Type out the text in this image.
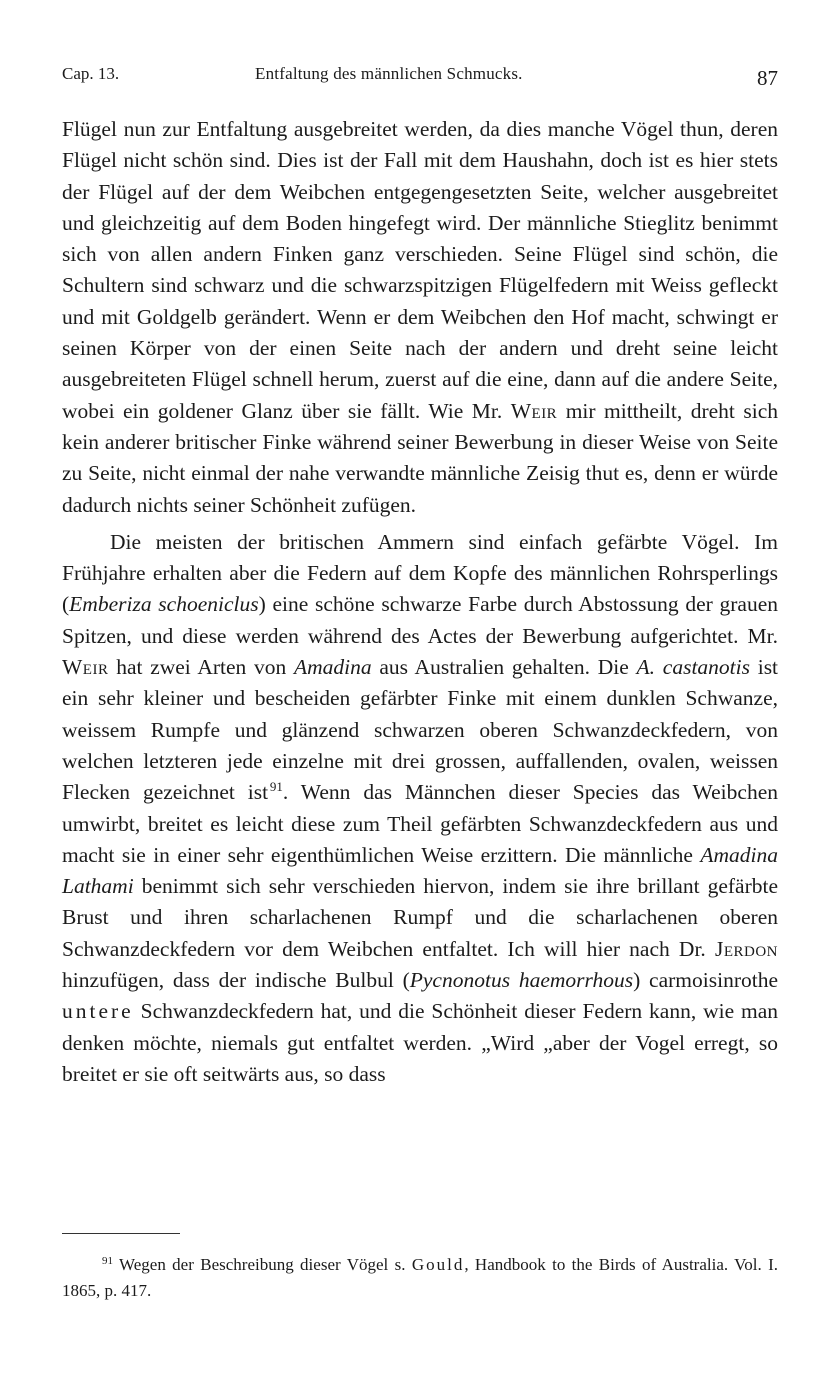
Cap. 13.	Entfaltung des männlichen Schmucks.	87

Flügel nun zur Entfaltung ausgebreitet werden, da dies manche Vögel thun, deren Flügel nicht schön sind. Dies ist der Fall mit dem Haushahn, doch ist es hier stets der Flügel auf der dem Weibchen entgegengesetzten Seite, welcher ausgebreitet und gleichzeitig auf dem Boden hingefegt wird. Der männliche Stieglitz benimmt sich von allen andern Finken ganz verschieden. Seine Flügel sind schön, die Schultern sind schwarz und die schwarzspitzigen Flügelfedern mit Weiss gefleckt und mit Goldgelb gerändert. Wenn er dem Weibchen den Hof macht, schwingt er seinen Körper von der einen Seite nach der andern und dreht seine leicht ausgebreiteten Flügel schnell herum, zuerst auf die eine, dann auf die andere Seite, wobei ein goldener Glanz über sie fällt. Wie Mr. Weir mir mittheilt, dreht sich kein anderer britischer Finke während seiner Bewerbung in dieser Weise von Seite zu Seite, nicht einmal der nahe verwandte männliche Zeisig thut es, denn er würde dadurch nichts seiner Schönheit zufügen.

Die meisten der britischen Ammern sind einfach gefärbte Vögel. Im Frühjahre erhalten aber die Federn auf dem Kopfe des männlichen Rohrsperlings (Emberiza schoeniclus) eine schöne schwarze Farbe durch Abstossung der grauen Spitzen, und diese werden während des Actes der Bewerbung aufgerichtet. Mr. Weir hat zwei Arten von Amadina aus Australien gehalten. Die A. castanotis ist ein sehr kleiner und bescheiden gefärbter Finke mit einem dunklen Schwanze, weissem Rumpfe und glänzend schwarzen oberen Schwanzdeckfedern, von welchen letzteren jede einzelne mit drei grossen, auffallenden, ovalen, weissen Flecken gezeichnet ist  $^{91}$. Wenn das Männchen dieser Species das Weibchen umwirbt, breitet es leicht diese zum Theil gefärbten Schwanzdeckfedern aus und macht sie in einer sehr eigenthümlichen Weise erzittern. Die männliche Amadina Lathami benimmt sich sehr verschieden hiervon, indem sie ihre brillant gefärbte Brust und ihren scharlachenen Rumpf und die scharlachenen oberen Schwanzdeckfedern vor dem Weibchen entfaltet. Ich will hier nach Dr. Jerdon hinzufügen, dass der indische Bulbul (Pycnonotus haemorrhous) carmoisinrothe untere Schwanzdeckfedern hat, und die Schönheit dieser Federn kann, wie man denken möchte, niemals gut entfaltet werden. „Wird „aber der Vogel erregt, so breitet er sie oft seitwärts aus, so dass

91 Wegen der Beschreibung dieser Vögel s. Gould, Handbook to the Birds of Australia. Vol. I. 1865, p. 417.
